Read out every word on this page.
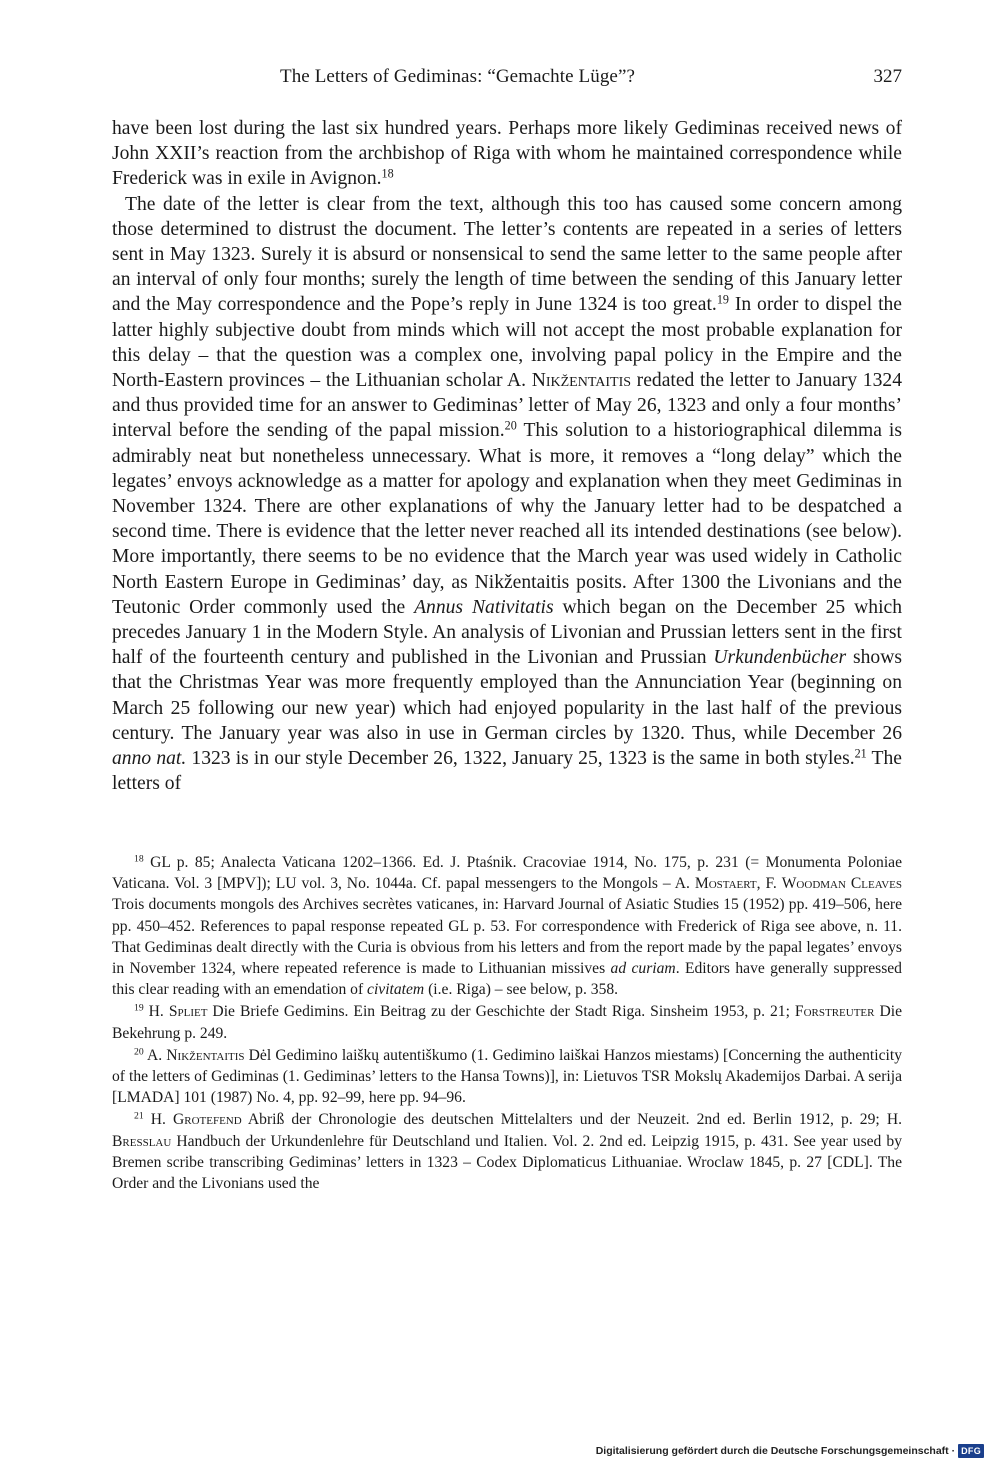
The Letters of Gediminas: “Gemachte Lüge”?	327

have been lost during the last six hundred years. Perhaps more likely Gediminas received news of John XXII’s reaction from the archbishop of Riga with whom he maintained correspondence while Frederick was in exile in Avignon.$^{18}$

The date of the letter is clear from the text, although this too has caused some concern among those determined to distrust the document. The letter’s contents are repeated in a series of letters sent in May 1323. Surely it is absurd or nonsensical to send the same letter to the same people after an interval of only four months; surely the length of time between the sending of this January letter and the May correspondence and the Pope’s reply in June 1324 is too great.$^{19}$ In order to dispel the latter highly subjective doubt from minds which will not accept the most probable explanation for this delay – that the question was a complex one, involving papal policy in the Empire and the North-Eastern provinces – the Lithuanian scholar A. Nikžentaitis redated the letter to January 1324 and thus provided time for an answer to Gediminas’ letter of May 26, 1323 and only a four months’ interval before the sending of the papal mission.$^{20}$ This solution to a historiographical dilemma is admirably neat but nonetheless unnecessary. What is more, it removes a “long delay” which the legates’ envoys acknowledge as a matter for apology and explanation when they meet Gediminas in November 1324. There are other explanations of why the January letter had to be despatched a second time. There is evidence that the letter never reached all its intended destinations (see below). More importantly, there seems to be no evidence that the March year was used widely in Catholic North Eastern Europe in Gediminas’ day, as Nikžentaitis posits. After 1300 the Livonians and the Teutonic Order commonly used the Annus Nativitatis which began on the December 25 which precedes January 1 in the Modern Style. An analysis of Livonian and Prussian letters sent in the first half of the fourteenth century and published in the Livonian and Prussian Urkundenbücher shows that the Christmas Year was more frequently employed than the Annunciation Year (beginning on March 25 following our new year) which had enjoyed popularity in the last half of the previous century. The January year was also in use in German circles by 1320. Thus, while December 26 anno nat. 1323 is in our style December 26, 1322, January 25, 1323 is the same in both styles.$^{21}$ The letters of

$^{18}$ GL p. 85; Analecta Vaticana 1202–1366. Ed. J. Ptaśnik. Cracoviae 1914, No. 175, p. 231 (= Monumenta Poloniae Vaticana. Vol. 3 [MPV]); LU vol. 3, No. 1044a. Cf. papal messengers to the Mongols – A. Mostaert, F. Woodman Cleaves Trois documents mongols des Archives secrètes vaticanes, in: Harvard Journal of Asiatic Studies 15 (1952) pp. 419–506, here pp. 450–452. References to papal response repeated GL p. 53. For correspondence with Frederick of Riga see above, n. 11. That Gediminas dealt directly with the Curia is obvious from his letters and from the report made by the papal legates’ envoys in November 1324, where repeated reference is made to Lithuanian missives ad curiam. Editors have generally suppressed this clear reading with an emendation of civitatem (i.e. Riga) – see below, p. 358.

$^{19}$ H. Spliet Die Briefe Gedimins. Ein Beitrag zu der Geschichte der Stadt Riga. Sinsheim 1953, p. 21; Forstreuter Die Bekehrung p. 249.

$^{20}$ A. Nikžentaitis Dėl Gedimino laiškų autentiškumo (1. Gedimino laiškai Hanzos miestams) [Concerning the authenticity of the letters of Gediminas (1. Gediminas’ letters to the Hansa Towns)], in: Lietuvos TSR Mokslų Akademijos Darbai. A serija [LMADA] 101 (1987) No. 4, pp. 92–99, here pp. 94–96.

$^{21}$ H. Grotefend Abriß der Chronologie des deutschen Mittelalters und der Neuzeit. 2nd ed. Berlin 1912, p. 29; H. Bresslau Handbuch der Urkundenlehre für Deutschland und Italien. Vol. 2. 2nd ed. Leipzig 1915, p. 431. See year used by Bremen scribe transcribing Gediminas’ letters in 1323 – Codex Diplomaticus Lithuaniae. Wroclaw 1845, p. 27 [CDL]. The Order and the Livonians used the

Digitalisierung gefördert durch die Deutsche Forschungsgemeinschaft · DFG
